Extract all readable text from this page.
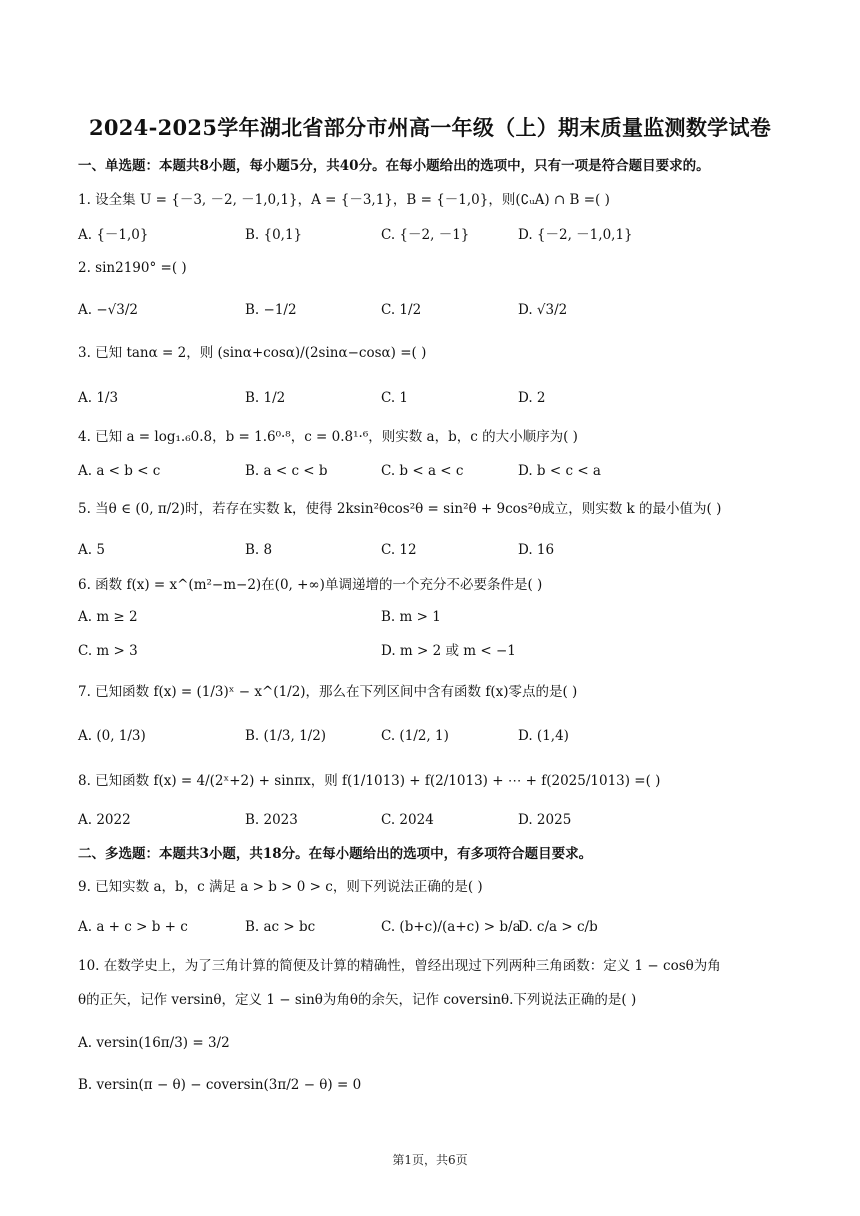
2024-2025学年湖北省部分市州高一年级（上）期末质量监测数学试卷
一、单选题：本题共8小题，每小题5分，共40分。在每小题给出的选项中，只有一项是符合题目要求的。
1. 设全集 U = {－3, －2, －1,0,1}，A = {－3,1}，B = {－1,0}，则(∁ᵤA) ∩ B =( )
A. {－1,0}	B. {0,1}	C. {－2, －1}	D. {－2, －1,0,1}
2. sin2190° =( )
A. −√3/2	B. −1/2	C. 1/2	D. √3/2
3. 已知 tanα = 2，则 (sinα+cosα)/(2sinα−cosα) =( )
A. 1/3	B. 1/2	C. 1	D. 2
4. 已知 a = log₁.₆0.8，b = 1.6⁰·⁸，c = 0.8¹·⁶，则实数 a，b，c 的大小顺序为( )
A. a < b < c	B. a < c < b	C. b < a < c	D. b < c < a
5. 当θ ∈ (0, π/2)时，若存在实数 k，使得 2ksin²θcos²θ = sin²θ + 9cos²θ成立，则实数 k 的最小值为( )
A. 5	B. 8	C. 12	D. 16
6. 函数 f(x) = x^(m²−m−2)在(0, +∞)单调递增的一个充分不必要条件是( )
A. m ≥ 2	B. m > 1
C. m > 3	D. m > 2 或 m < −1
7. 已知函数 f(x) = (1/3)ˣ − x^(1/2)，那么在下列区间中含有函数 f(x)零点的是( )
A. (0, 1/3)	B. (1/3, 1/2)	C. (1/2, 1)	D. (1,4)
8. 已知函数 f(x) = 4/(2ˣ+2) + sinπx，则 f(1/1013) + f(2/1013) + ⋯ + f(2025/1013) =( )
A. 2022	B. 2023	C. 2024	D. 2025
二、多选题：本题共3小题，共18分。在每小题给出的选项中，有多项符合题目要求。
9. 已知实数 a，b，c 满足 a > b > 0 > c，则下列说法正确的是( )
A. a + c > b + c	B. ac > bc	C. (b+c)/(a+c) > b/a
D. c/a > c/b
10. 在数学史上，为了三角计算的简便及计算的精确性，曾经出现过下列两种三角函数：定义 1 − cosθ为角
θ的正矢，记作 versinθ，定义 1 − sinθ为角θ的余矢，记作 coversinθ.下列说法正确的是( )
A. versin(16π/3) = 3/2
B. versin(π − θ) − coversin(3π/2 − θ) = 0
第1页，共6页
